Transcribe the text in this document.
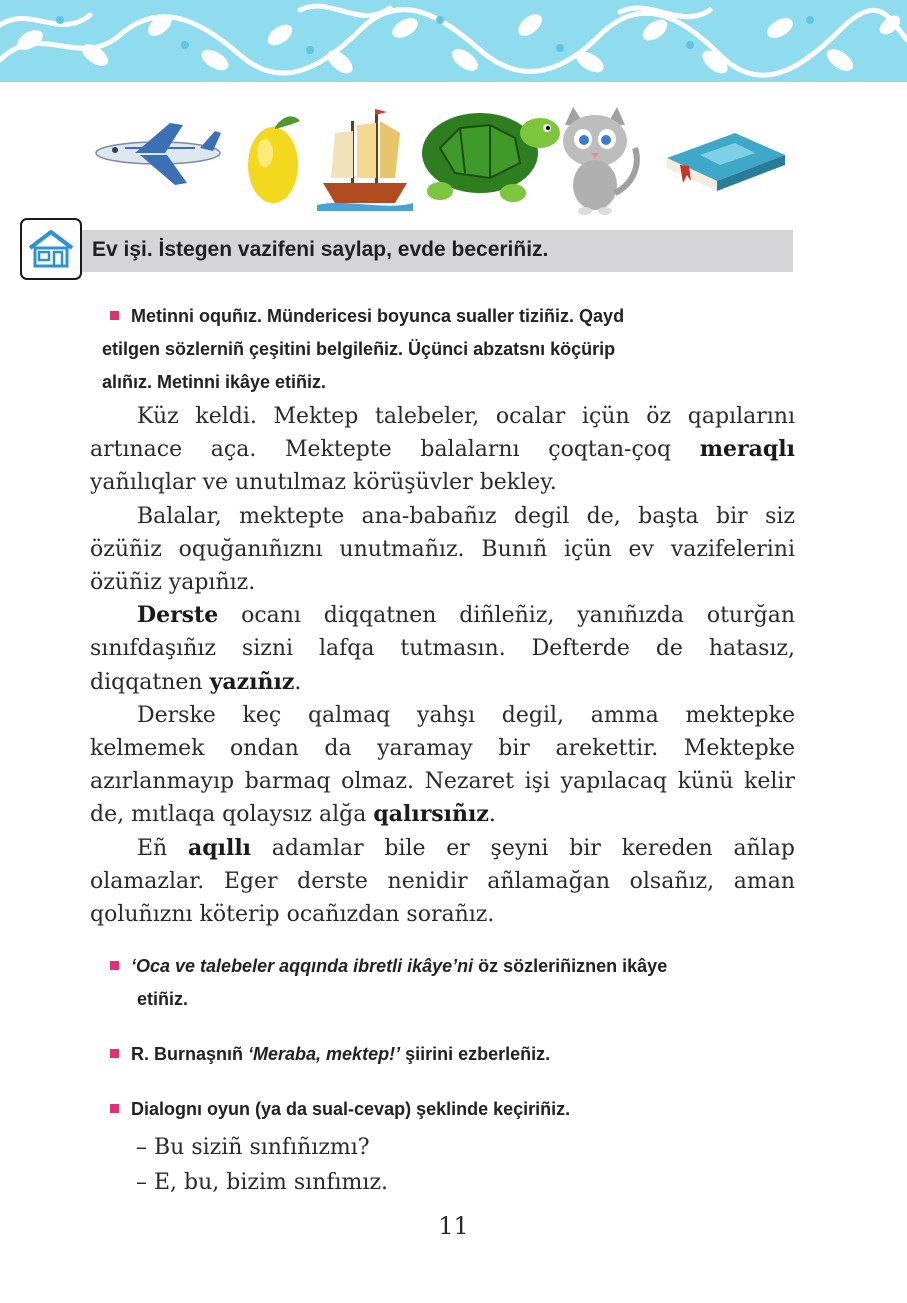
Ev işi. İstegen vazifeni saylap, evde beceriñiz.
Metinni oquñız. Mündericesi boyunca sualler tiziñiz. Qayd
etilgen sözlerniñ çeşitini belgileñiz. Üçünci abzatsnı köçürip
alıñız. Metinni ikâye etiñiz.

Küz keldi. Mektep talebeler, ocalar içün öz qapılarını artınace aça. Mektepte balalarnı çoqtan-çoq meraqlı yañılıqlar ve unutılmaz körüşüvler bekley.

Balalar, mektepte ana-babañız degil de, başta bir siz özüñiz oquğanıñıznı unutmañız. Bunıñ içün ev vazifelerini özüñiz yapıñız.

Derste ocanı diqqatnen diñleñiz, yanıñızda oturğan sınıfdaşıñız sizni lafqa tutmasın. Defterde de hatasız, diqqatnen yazıñız.

Derske keç qalmaq yahşı degil, amma mektepke kelmemek ondan da yaramay bir arekettir. Mektepke azırlanmayıp barmaq olmaz. Nezaret işi yapılacaq künü kelir de, mıtlaqa qolaysız alğa qalırsıñız.

Eñ aqıllı adamlar bile er şeyni bir kereden añlap olamazlar. Eger derste nenidir añlamağan olsañız, aman qoluñıznı köterip ocañızdan sorañız.

‘Oca ve talebeler aqqında ibretli ikâye’ni öz sözleriñiznen ikâye
etiñiz.
R. Burnaşnıñ ‘Meraba, mektep!’ şiirini ezberleñiz.
Dialognı oyun (ya da sual-cevap) şeklinde keçiriñiz.
– Bu siziñ sınfıñızmı?
– E, bu, bizim sınfımız.
11
